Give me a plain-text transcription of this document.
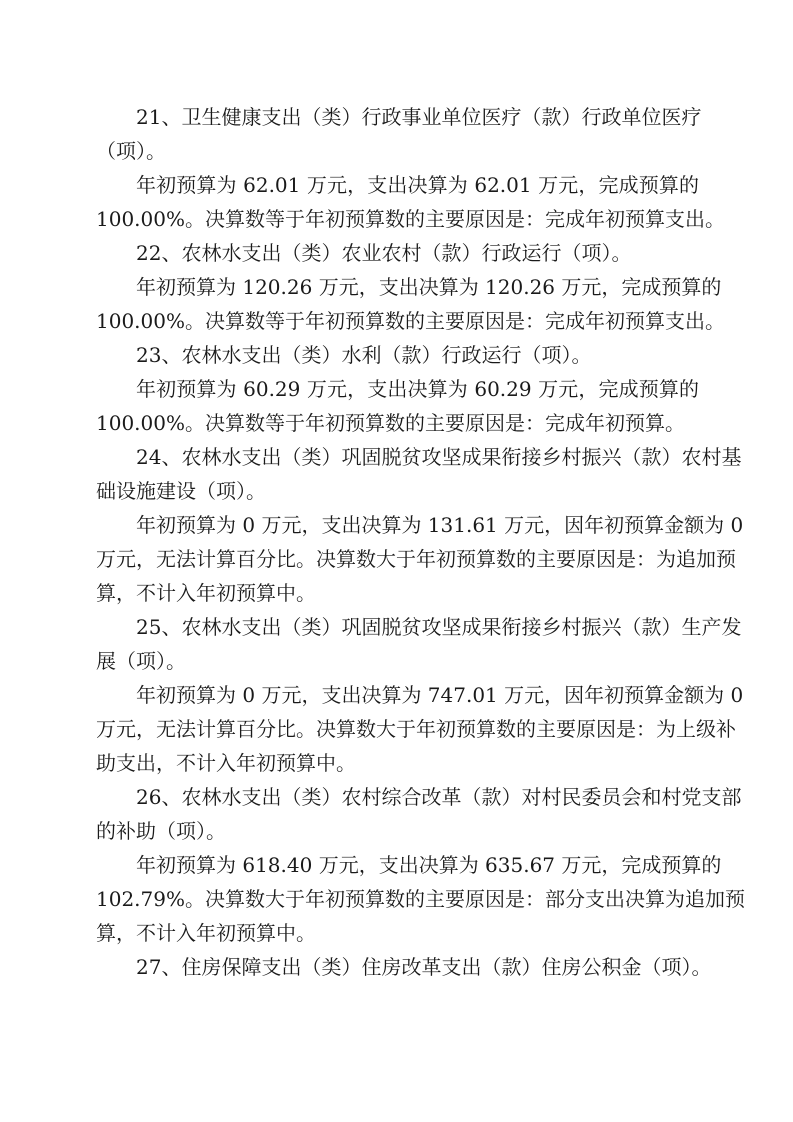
21、卫生健康支出（类）行政事业单位医疗（款）行政单位医疗
（项）。
年初预算为 62.01 万元，支出决算为 62.01 万元，完成预算的
100.00%。决算数等于年初预算数的主要原因是：完成年初预算支出。
22、农林水支出（类）农业农村（款）行政运行（项）。
年初预算为 120.26 万元，支出决算为 120.26 万元，完成预算的
100.00%。决算数等于年初预算数的主要原因是：完成年初预算支出。
23、农林水支出（类）水利（款）行政运行（项）。
年初预算为 60.29 万元，支出决算为 60.29 万元，完成预算的
100.00%。决算数等于年初预算数的主要原因是：完成年初预算。
24、农林水支出（类）巩固脱贫攻坚成果衔接乡村振兴（款）农村基
础设施建设（项）。
年初预算为 0 万元，支出决算为 131.61 万元，因年初预算金额为 0
万元，无法计算百分比。决算数大于年初预算数的主要原因是：为追加预
算，不计入年初预算中。
25、农林水支出（类）巩固脱贫攻坚成果衔接乡村振兴（款）生产发
展（项）。
年初预算为 0 万元，支出决算为 747.01 万元，因年初预算金额为 0
万元，无法计算百分比。决算数大于年初预算数的主要原因是：为上级补
助支出，不计入年初预算中。
26、农林水支出（类）农村综合改革（款）对村民委员会和村党支部
的补助（项）。
年初预算为 618.40 万元，支出决算为 635.67 万元，完成预算的
102.79%。决算数大于年初预算数的主要原因是：部分支出决算为追加预
算，不计入年初预算中。
27、住房保障支出（类）住房改革支出（款）住房公积金（项）。
